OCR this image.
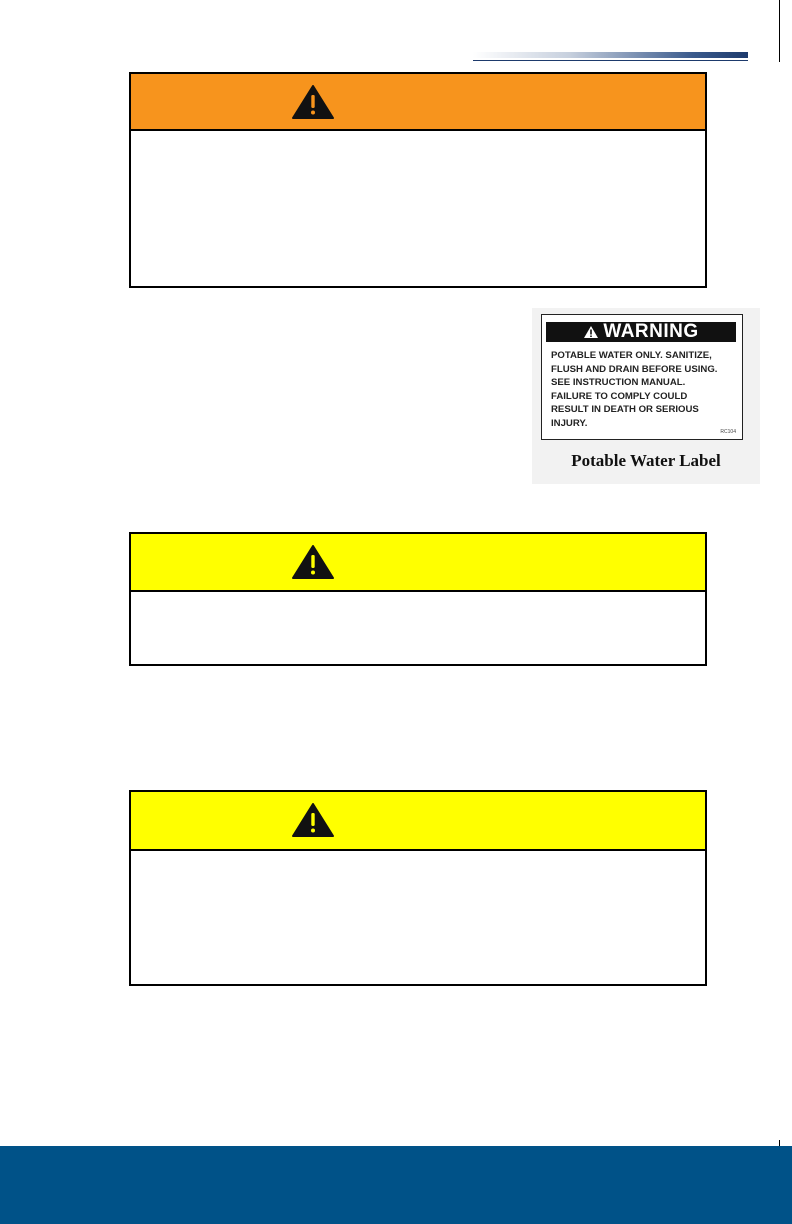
WARNING
POTABLE WATER ONLY. SANITIZE,
FLUSH AND DRAIN BEFORE USING.
SEE INSTRUCTION MANUAL.
FAILURE TO COMPLY COULD
RESULT IN DEATH OR SERIOUS
INJURY.
RC104
Potable Water Label
